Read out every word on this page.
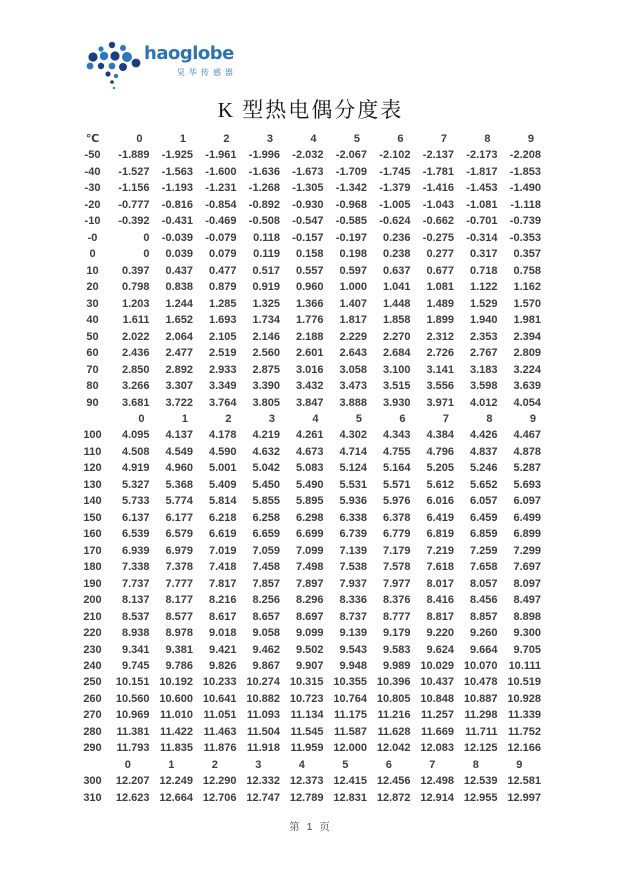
haoglobe
昊华传感器
K 型热电偶分度表
℃	0	1	2	3	4	5	6	7	8	9
-50	-1.889	-1.925	-1.961	-1.996	-2.032	-2.067	-2.102	-2.137	-2.173	-2.208
-40	-1.527	-1.563	-1.600	-1.636	-1.673	-1.709	-1.745	-1.781	-1.817	-1.853
-30	-1.156	-1.193	-1.231	-1.268	-1.305	-1.342	-1.379	-1.416	-1.453	-1.490
-20	-0.777	-0.816	-0.854	-0.892	-0.930	-0.968	-1.005	-1.043	-1.081	-1.118
-10	-0.392	-0.431	-0.469	-0.508	-0.547	-0.585	-0.624	-0.662	-0.701	-0.739
-0	0	-0.039	-0.079	0.118	-0.157	-0.197	0.236	-0.275	-0.314	-0.353
0	0	0.039	0.079	0.119	0.158	0.198	0.238	0.277	0.317	0.357
10	0.397	0.437	0.477	0.517	0.557	0.597	0.637	0.677	0.718	0.758
20	0.798	0.838	0.879	0.919	0.960	1.000	1.041	1.081	1.122	1.162
30	1.203	1.244	1.285	1.325	1.366	1.407	1.448	1.489	1.529	1.570
40	1.611	1.652	1.693	1.734	1.776	1.817	1.858	1.899	1.940	1.981
50	2.022	2.064	2.105	2.146	2.188	2.229	2.270	2.312	2.353	2.394
60	2.436	2.477	2.519	2.560	2.601	2.643	2.684	2.726	2.767	2.809
70	2.850	2.892	2.933	2.875	3.016	3.058	3.100	3.141	3.183	3.224
80	3.266	3.307	3.349	3.390	3.432	3.473	3.515	3.556	3.598	3.639
90	3.681	3.722	3.764	3.805	3.847	3.888	3.930	3.971	4.012	4.054
	0	1	2	3	4	5	6	7	8	9
100	4.095	4.137	4.178	4.219	4.261	4.302	4.343	4.384	4.426	4.467
110	4.508	4.549	4.590	4.632	4.673	4.714	4.755	4.796	4.837	4.878
120	4.919	4.960	5.001	5.042	5.083	5.124	5.164	5.205	5.246	5.287
130	5.327	5.368	5.409	5.450	5.490	5.531	5.571	5.612	5.652	5.693
140	5.733	5.774	5.814	5.855	5.895	5.936	5.976	6.016	6.057	6.097
150	6.137	6.177	6.218	6.258	6.298	6.338	6.378	6.419	6.459	6.499
160	6.539	6.579	6.619	6.659	6.699	6.739	6.779	6.819	6.859	6.899
170	6.939	6.979	7.019	7.059	7.099	7.139	7.179	7.219	7.259	7.299
180	7.338	7.378	7.418	7.458	7.498	7.538	7.578	7.618	7.658	7.697
190	7.737	7.777	7.817	7.857	7.897	7.937	7.977	8.017	8.057	8.097
200	8.137	8.177	8.216	8.256	8.296	8.336	8.376	8.416	8.456	8.497
210	8.537	8.577	8.617	8.657	8.697	8.737	8.777	8.817	8.857	8.898
220	8.938	8.978	9.018	9.058	9.099	9.139	9.179	9.220	9.260	9.300
230	9.341	9.381	9.421	9.462	9.502	9.543	9.583	9.624	9.664	9.705
240	9.745	9.786	9.826	9.867	9.907	9.948	9.989	10.029	10.070	10.111
250	10.151	10.192	10.233	10.274	10.315	10.355	10.396	10.437	10.478	10.519
260	10.560	10.600	10.641	10.882	10.723	10.764	10.805	10.848	10.887	10.928
270	10.969	11.010	11.051	11.093	11.134	11.175	11.216	11.257	11.298	11.339
280	11.381	11.422	11.463	11.504	11.545	11.587	11.628	11.669	11.711	11.752
290	11.793	11.835	11.876	11.918	11.959	12.000	12.042	12.083	12.125	12.166
	0	1	2	3	4	5	6	7	8	9
300	12.207	12.249	12.290	12.332	12.373	12.415	12.456	12.498	12.539	12.581
310	12.623	12.664	12.706	12.747	12.789	12.831	12.872	12.914	12.955	12.997
第 1 页
